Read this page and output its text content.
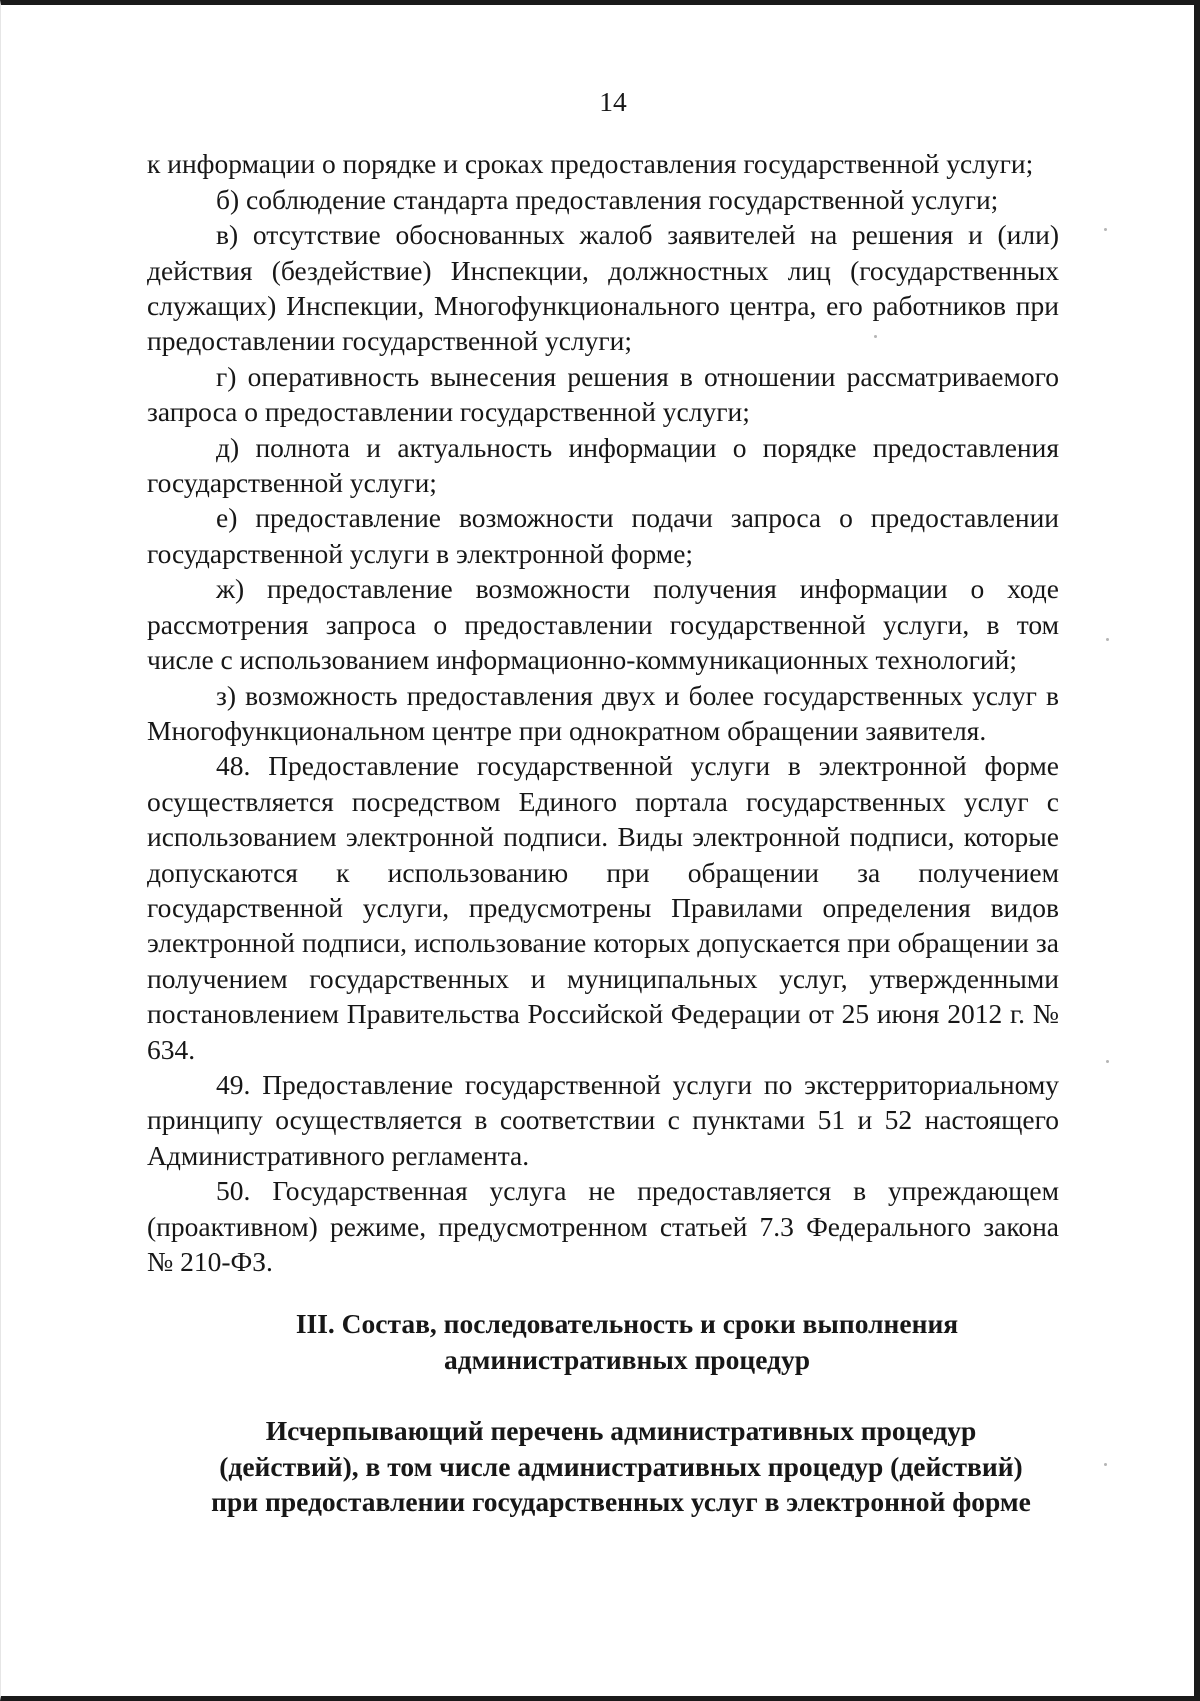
14

к информации о порядке и сроках предоставления государственной услуги;

б) соблюдение стандарта предоставления государственной услуги;

в) отсутствие обоснованных жалоб заявителей на решения и (или) действия (бездействие) Инспекции, должностных лиц (государственных служащих) Инспекции, Многофункционального центра, его работников при предоставлении государственной услуги;

г) оперативность вынесения решения в отношении рассматриваемого запроса о предоставлении государственной услуги;

д) полнота и актуальность информации о порядке предоставления государственной услуги;

е) предоставление возможности подачи запроса о предоставлении государственной услуги в электронной форме;

ж) предоставление возможности получения информации о ходе рассмотрения запроса о предоставлении государственной услуги, в том числе с использованием информационно-коммуникационных технологий;

з) возможность предоставления двух и более государственных услуг в Многофункциональном центре при однократном обращении заявителя.

48. Предоставление государственной услуги в электронной форме осуществляется посредством Единого портала государственных услуг с использованием электронной подписи. Виды электронной подписи, которые допускаются к использованию при обращении за получением государственной услуги, предусмотрены Правилами определения видов электронной подписи, использование которых допускается при обращении за получением государственных и муниципальных услуг, утвержденными постановлением Правительства Российской Федерации от 25 июня 2012 г. № 634.

49. Предоставление государственной услуги по экстерриториальному принципу осуществляется в соответствии с пунктами 51 и 52 настоящего Административного регламента.

50. Государственная услуга не предоставляется в упреждающем (проактивном) режиме, предусмотренном статьей 7.3 Федерального закона № 210-ФЗ.

III. Состав, последовательность и сроки выполнения
административных процедур
Исчерпывающий перечень административных процедур
(действий), в том числе административных процедур (действий)
при предоставлении государственных услуг в электронной форме
